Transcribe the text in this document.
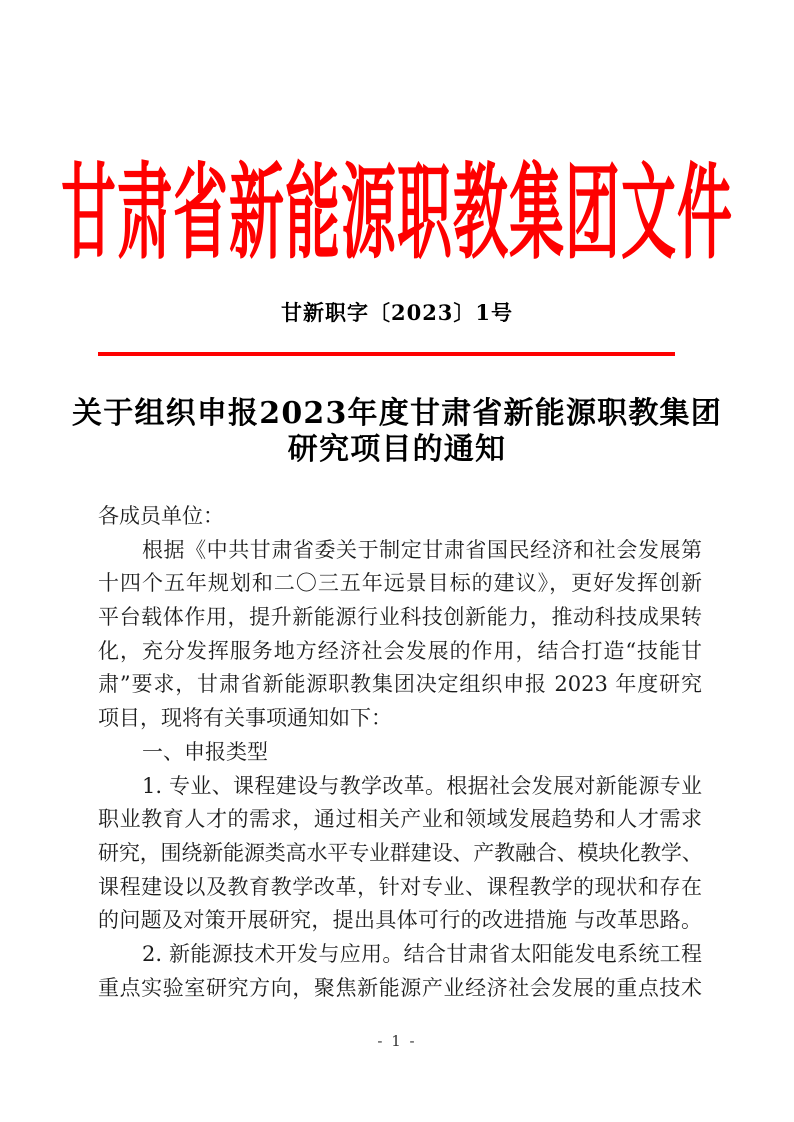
甘肃省新能源职教集团文件
甘新职字〔2023〕1号
关于组织申报2023年度甘肃省新能源职教集团
研究项目的通知
各成员单位：
根据《中共甘肃省委关于制定甘肃省国民经济和社会发展第
十四个五年规划和二〇三五年远景目标的建议》，更好发挥创新
平台载体作用，提升新能源行业科技创新能力，推动科技成果转
化，充分发挥服务地方经济社会发展的作用，结合打造“技能甘
肃”要求，甘肃省新能源职教集团决定组织申报 2023 年度研究
项目，现将有关事项通知如下：
一、申报类型
1. 专业、课程建设与教学改革。根据社会发展对新能源专业
职业教育人才的需求，通过相关产业和领域发展趋势和人才需求
研究，围绕新能源类高水平专业群建设、产教融合、模块化教学、
课程建设以及教育教学改革，针对专业、课程教学的现状和存在
的问题及对策开展研究，提出具体可行的改进措施 与改革思路。
2. 新能源技术开发与应用。结合甘肃省太阳能发电系统工程
重点实验室研究方向，聚焦新能源产业经济社会发展的重点技术
- 1 -
